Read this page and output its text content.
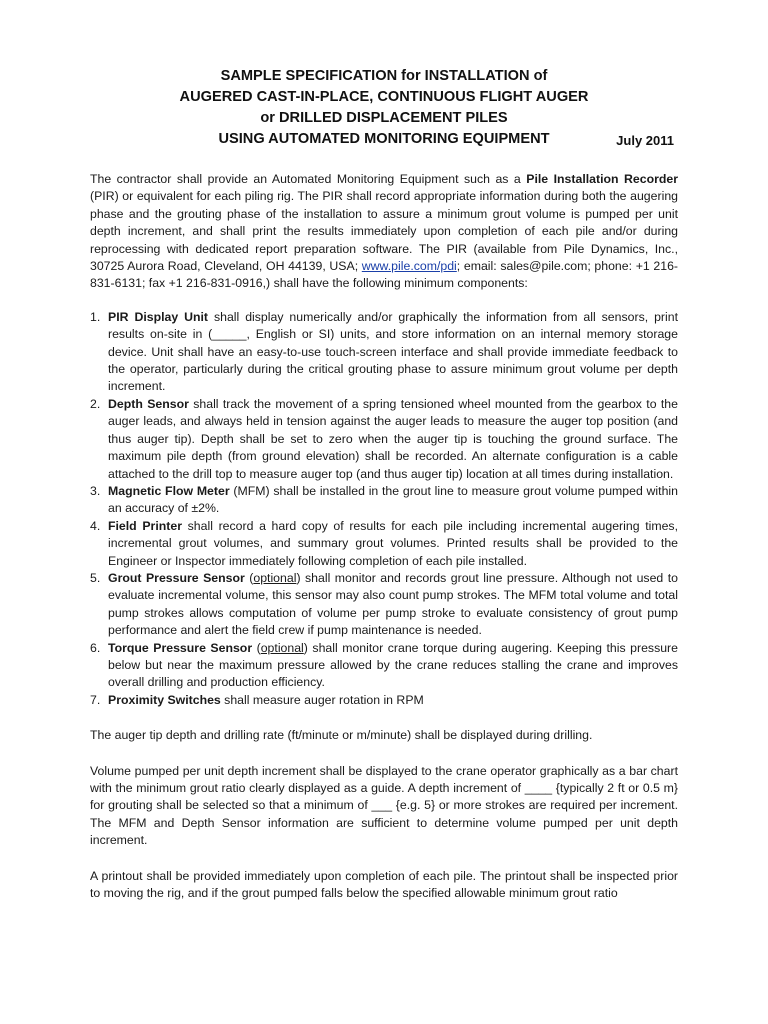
SAMPLE SPECIFICATION for INSTALLATION of
AUGERED CAST-IN-PLACE, CONTINUOUS FLIGHT AUGER
or DRILLED DISPLACEMENT PILES
USING AUTOMATED MONITORING EQUIPMENT	July 2011

The contractor shall provide an Automated Monitoring Equipment such as a Pile Installation Recorder (PIR) or equivalent for each piling rig. The PIR shall record appropriate information during both the augering phase and the grouting phase of the installation to assure a minimum grout volume is pumped per unit depth increment, and shall print the results immediately upon completion of each pile and/or during reprocessing with dedicated report preparation software. The PIR (available from Pile Dynamics, Inc., 30725 Aurora Road, Cleveland, OH 44139, USA; www.pile.com/pdi; email: sales@pile.com; phone: +1 216-831-6131; fax +1 216-831-0916,) shall have the following minimum components:

1. PIR Display Unit shall display numerically and/or graphically the information from all sensors, print results on-site in (_____, English or SI) units, and store information on an internal memory storage device. Unit shall have an easy-to-use touch-screen interface and shall provide immediate feedback to the operator, particularly during the critical grouting phase to assure minimum grout volume per depth increment.
2. Depth Sensor shall track the movement of a spring tensioned wheel mounted from the gearbox to the auger leads, and always held in tension against the auger leads to measure the auger top position (and thus auger tip). Depth shall be set to zero when the auger tip is touching the ground surface. The maximum pile depth (from ground elevation) shall be recorded. An alternate configuration is a cable attached to the drill top to measure auger top (and thus auger tip) location at all times during installation.
3. Magnetic Flow Meter (MFM) shall be installed in the grout line to measure grout volume pumped within an accuracy of ±2%.
4. Field Printer shall record a hard copy of results for each pile including incremental augering times, incremental grout volumes, and summary grout volumes. Printed results shall be provided to the Engineer or Inspector immediately following completion of each pile installed.
5. Grout Pressure Sensor (optional) shall monitor and records grout line pressure. Although not used to evaluate incremental volume, this sensor may also count pump strokes. The MFM total volume and total pump strokes allows computation of volume per pump stroke to evaluate consistency of grout pump performance and alert the field crew if pump maintenance is needed.
6. Torque Pressure Sensor (optional) shall monitor crane torque during augering. Keeping this pressure below but near the maximum pressure allowed by the crane reduces stalling the crane and improves overall drilling and production efficiency.
7. Proximity Switches shall measure auger rotation in RPM

The auger tip depth and drilling rate (ft/minute or m/minute) shall be displayed during drilling.

Volume pumped per unit depth increment shall be displayed to the crane operator graphically as a bar chart with the minimum grout ratio clearly displayed as a guide. A depth increment of ____ {typically 2 ft or 0.5 m} for grouting shall be selected so that a minimum of ___ {e.g. 5} or more strokes are required per increment. The MFM and Depth Sensor information are sufficient to determine volume pumped per unit depth increment.

A printout shall be provided immediately upon completion of each pile. The printout shall be inspected prior to moving the rig, and if the grout pumped falls below the specified allowable minimum grout ratio
